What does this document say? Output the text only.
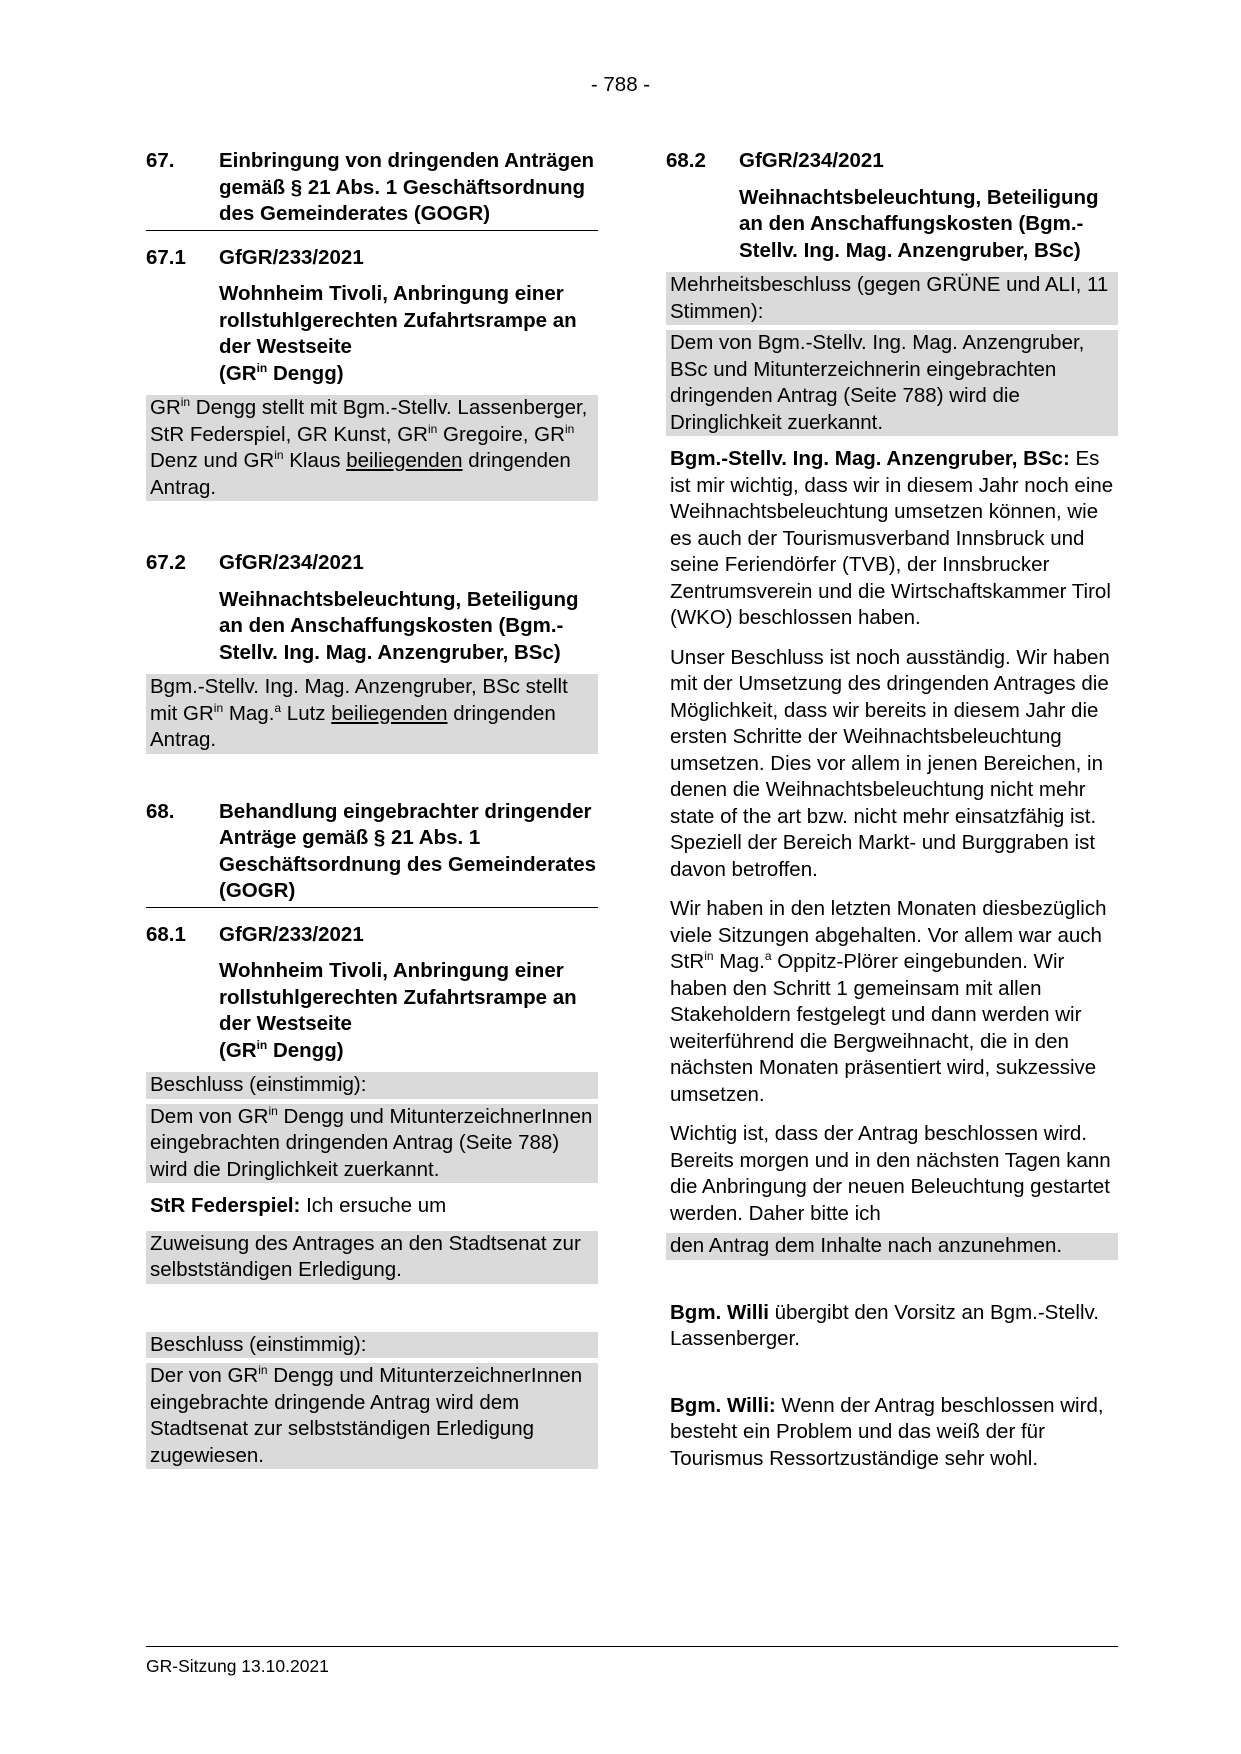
- 788 -
67.	Einbringung von dringenden Anträgen gemäß § 21 Abs. 1 Geschäftsordnung des Gemeinderates (GOGR)
67.1	GfGR/233/2021
Wohnheim Tivoli, Anbringung einer rollstuhlgerechten Zufahrtsrampe an der Westseite
($GR^{in}$ Dengg)
$GR^{in}$ Dengg stellt mit Bgm.-Stellv. Lassenberger, StR Federspiel, GR Kunst, $GR^{in}$ Gregoire, $GR^{in}$ Denz und $GR^{in}$ Klaus beiliegenden dringenden Antrag.
67.2	GfGR/234/2021
Weihnachtsbeleuchtung, Beteiligung an den Anschaffungskosten (Bgm.-Stellv. Ing. Mag. Anzengruber, BSc)
Bgm.-Stellv. Ing. Mag. Anzengruber, BSc stellt mit $GR^{in}$ Mag.$^a$ Lutz beiliegenden dringenden Antrag.
68.	Behandlung eingebrachter dringender Anträge gemäß § 21 Abs. 1 Geschäftsordnung des Gemeinderates (GOGR)
68.1	GfGR/233/2021
Wohnheim Tivoli, Anbringung einer rollstuhlgerechten Zufahrtsrampe an der Westseite
($GR^{in}$ Dengg)
Beschluss (einstimmig):
Dem von $GR^{in}$ Dengg und MitunterzeichnerInnen eingebrachten dringenden Antrag (Seite 788) wird die Dringlichkeit zuerkannt.

StR Federspiel: Ich ersuche um

Zuweisung des Antrages an den Stadtsenat zur selbstständigen Erledigung.
Beschluss (einstimmig):
Der von $GR^{in}$ Dengg und MitunterzeichnerInnen eingebrachte dringende Antrag wird dem Stadtsenat zur selbstständigen Erledigung zugewiesen.
68.2	GfGR/234/2021
Weihnachtsbeleuchtung, Beteiligung an den Anschaffungskosten (Bgm.-Stellv. Ing. Mag. Anzengruber, BSc)
Mehrheitsbeschluss (gegen GRÜNE und ALI, 11 Stimmen):
Dem von Bgm.-Stellv. Ing. Mag. Anzengruber, BSc und Mitunterzeichnerin eingebrachten dringenden Antrag (Seite 788) wird die Dringlichkeit zuerkannt.

Bgm.-Stellv. Ing. Mag. Anzengruber, BSc: Es ist mir wichtig, dass wir in diesem Jahr noch eine Weihnachtsbeleuchtung umsetzen können, wie es auch der Tourismusverband Innsbruck und seine Feriendörfer (TVB), der Innsbrucker Zentrumsverein und die Wirtschaftskammer Tirol (WKO) beschlossen haben.

Unser Beschluss ist noch ausständig. Wir haben mit der Umsetzung des dringenden Antrages die Möglichkeit, dass wir bereits in diesem Jahr die ersten Schritte der Weihnachtsbeleuchtung umsetzen. Dies vor allem in jenen Bereichen, in denen die Weihnachtsbeleuchtung nicht mehr state of the art bzw. nicht mehr einsatzfähig ist. Speziell der Bereich Markt- und Burggraben ist davon betroffen.

Wir haben in den letzten Monaten diesbezüglich viele Sitzungen abgehalten. Vor allem war auch StR$^{in}$ Mag.$^a$ Oppitz-Plörer eingebunden. Wir haben den Schritt 1 gemeinsam mit allen Stakeholdern festgelegt und dann werden wir weiterführend die Bergweihnacht, die in den nächsten Monaten präsentiert wird, sukzessive umsetzen.

Wichtig ist, dass der Antrag beschlossen wird. Bereits morgen und in den nächsten Tagen kann die Anbringung der neuen Beleuchtung gestartet werden. Daher bitte ich

den Antrag dem Inhalte nach anzunehmen.

Bgm. Willi übergibt den Vorsitz an Bgm.-Stellv. Lassenberger.

Bgm. Willi: Wenn der Antrag beschlossen wird, besteht ein Problem und das weiß der für Tourismus Ressortzuständige sehr wohl.

GR-Sitzung 13.10.2021
